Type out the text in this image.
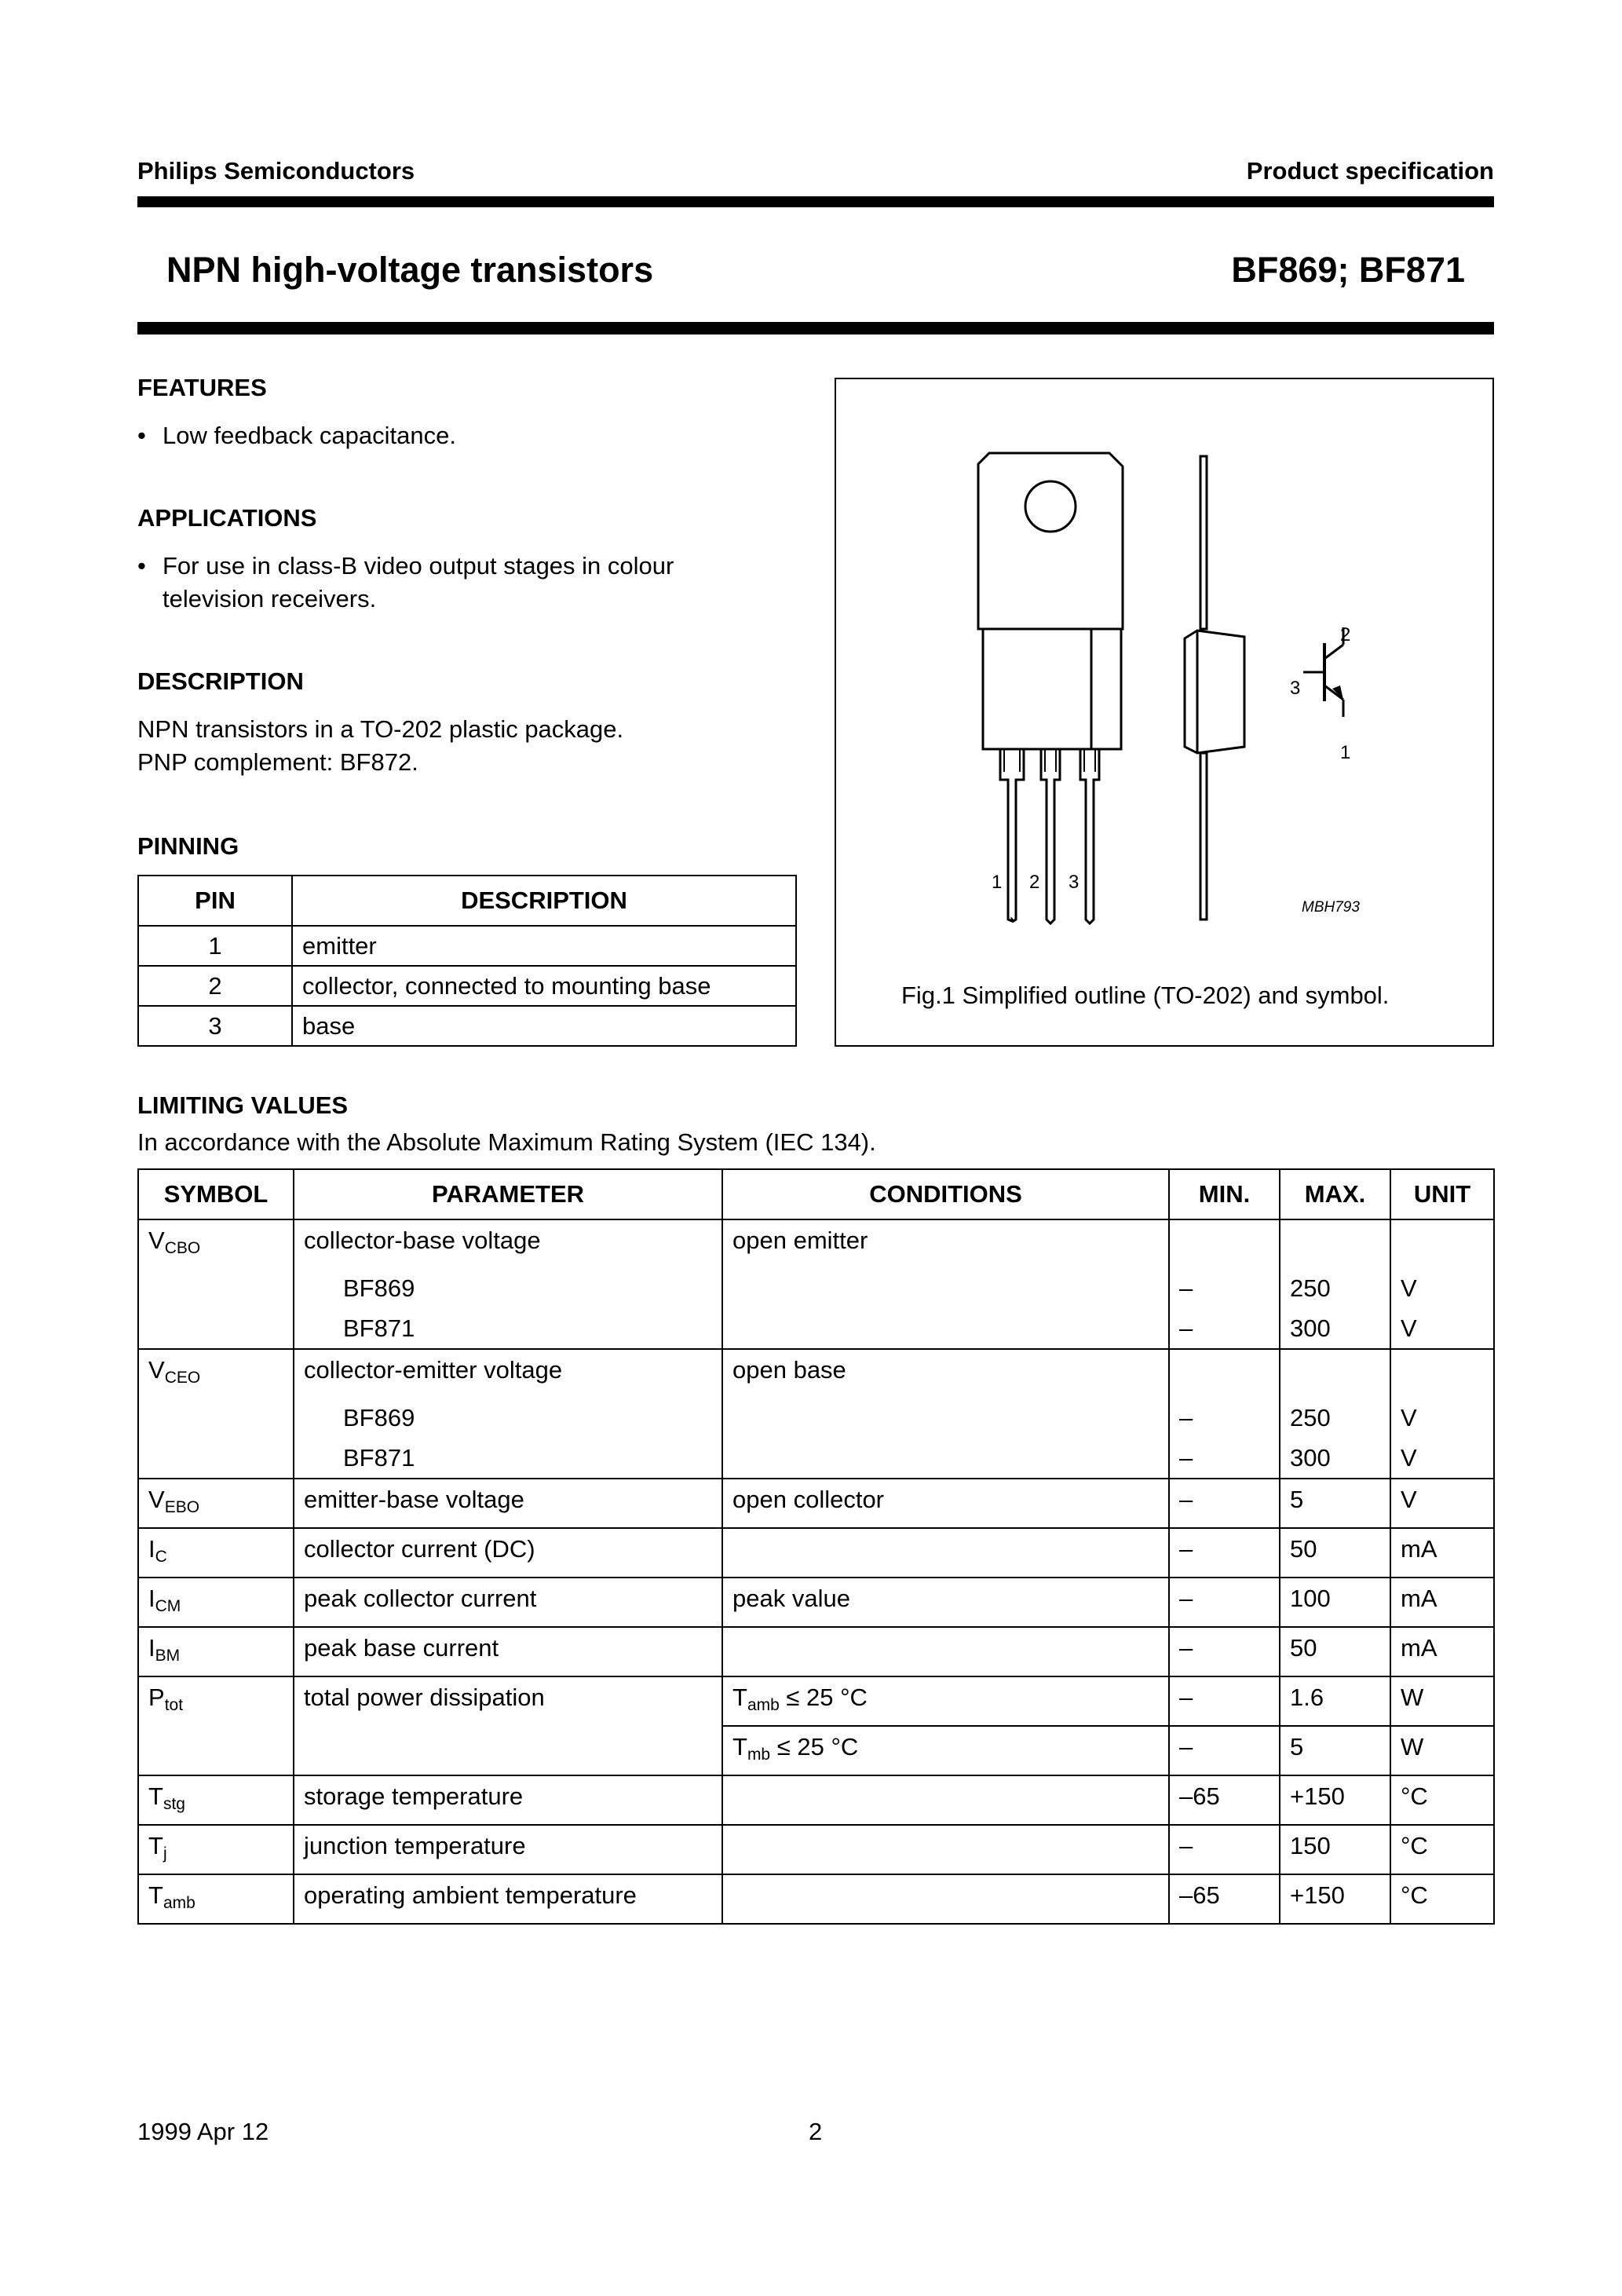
Philips Semiconductors	Product specification
NPN high-voltage transistors	BF869; BF871
FEATURES
• Low feedback capacitance.
APPLICATIONS
• For use in class-B video output stages in colour television receivers.
DESCRIPTION
NPN transistors in a TO-202 plastic package.
PNP complement: BF872.
PINNING
PIN	DESCRIPTION
1	emitter
2	collector, connected to mounting base
3	base
1 2 3
2
3
1
MBH793
Fig.1 Simplified outline (TO-202) and symbol.
LIMITING VALUES
In accordance with the Absolute Maximum Rating System (IEC 134).
SYMBOL	PARAMETER	CONDITIONS	MIN.	MAX.	UNIT
$V_{CBO}$	collector-base voltage	open emitter			
	BF869		–	250	V
	BF871		–	300	V
$V_{CEO}$	collector-emitter voltage	open base			
	BF869		–	250	V
	BF871		–	300	V
$V_{EBO}$	emitter-base voltage	open collector	–	5	V
$I_C$	collector current (DC)		–	50	mA
$I_{CM}$	peak collector current	peak value	–	100	mA
$I_{BM}$	peak base current		–	50	mA
$P_{tot}$	total power dissipation	$T_{amb} \le 25$ °C	–	1.6	W
		$T_{mb} \le 25$ °C	–	5	W
$T_{stg}$	storage temperature		–65	+150	°C
$T_j$	junction temperature		–	150	°C
$T_{amb}$	operating ambient temperature		–65	+150	°C
1999 Apr 12	2
